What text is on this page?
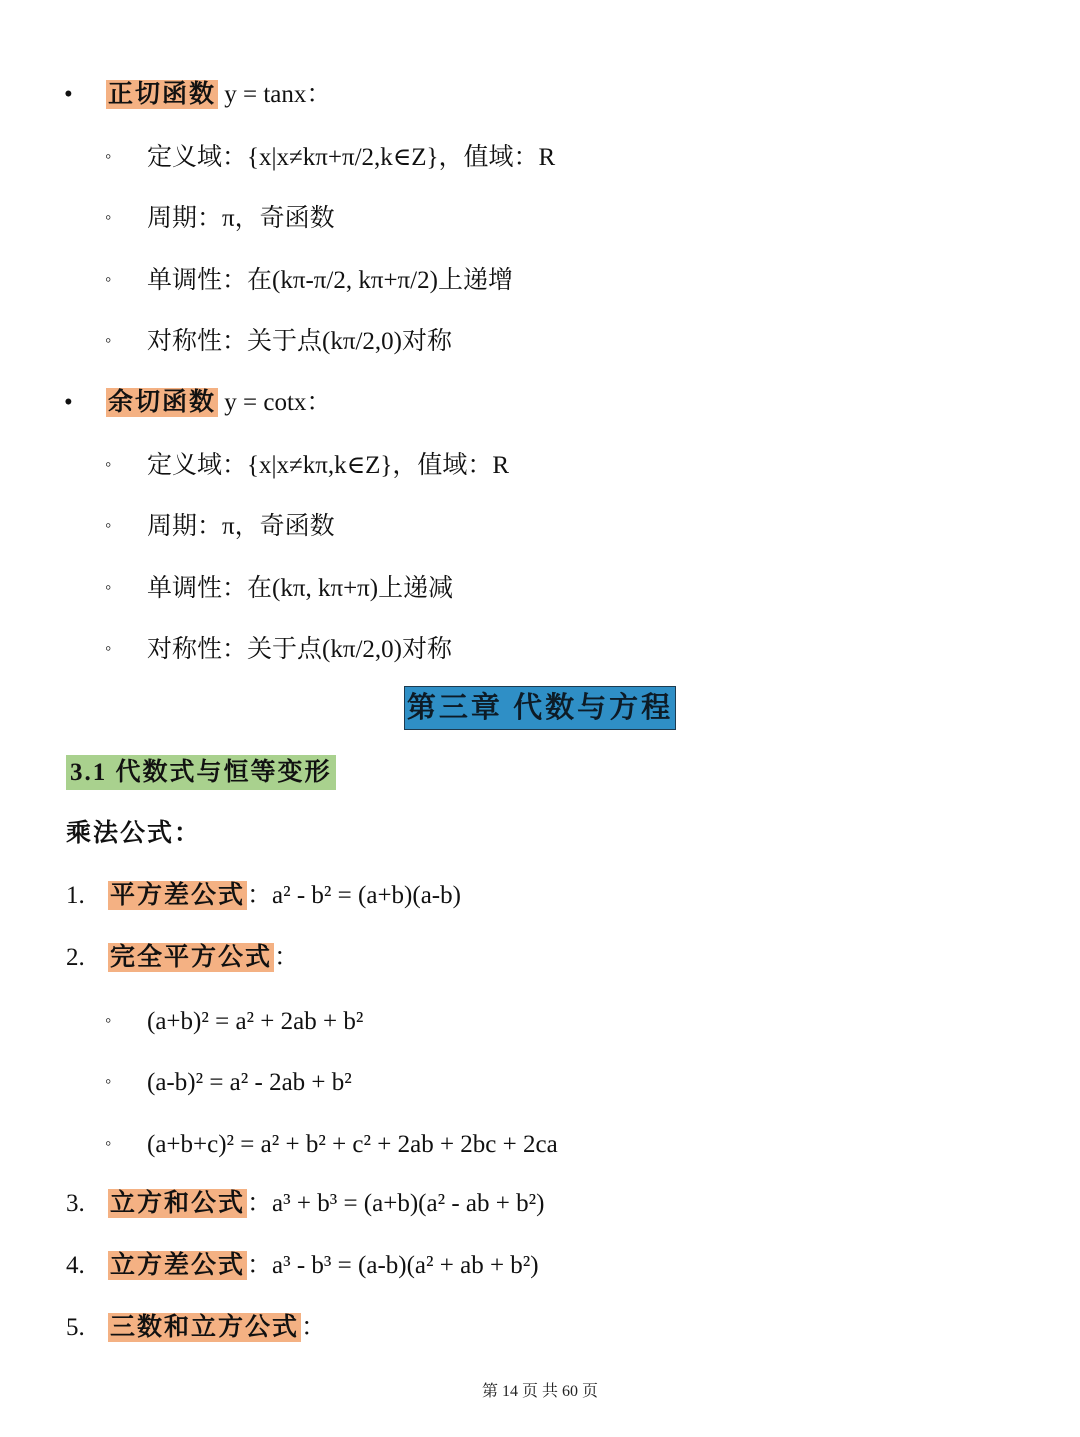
• 正切函数 y = tanx：
◦ 定义域：{x|x≠kπ+π/2,k∈Z}，值域：R
◦ 周期：π，奇函数
◦ 单调性：在(kπ-π/2, kπ+π/2)上递增
◦ 对称性：关于点(kπ/2,0)对称
• 余切函数 y = cotx：
◦ 定义域：{x|x≠kπ,k∈Z}，值域：R
◦ 周期：π，奇函数
◦ 单调性：在(kπ, kπ+π)上递减
◦ 对称性：关于点(kπ/2,0)对称
第三章 代数与方程
3.1 代数式与恒等变形
乘法公式：
1. 平方差公式：a² - b² = (a+b)(a-b)
2. 完全平方公式：
◦ (a+b)² = a² + 2ab + b²
◦ (a-b)² = a² - 2ab + b²
◦ (a+b+c)² = a² + b² + c² + 2ab + 2bc + 2ca
3. 立方和公式：a³ + b³ = (a+b)(a² - ab + b²)
4. 立方差公式：a³ - b³ = (a-b)(a² + ab + b²)
5. 三数和立方公式：
第 14 页 共 60 页
